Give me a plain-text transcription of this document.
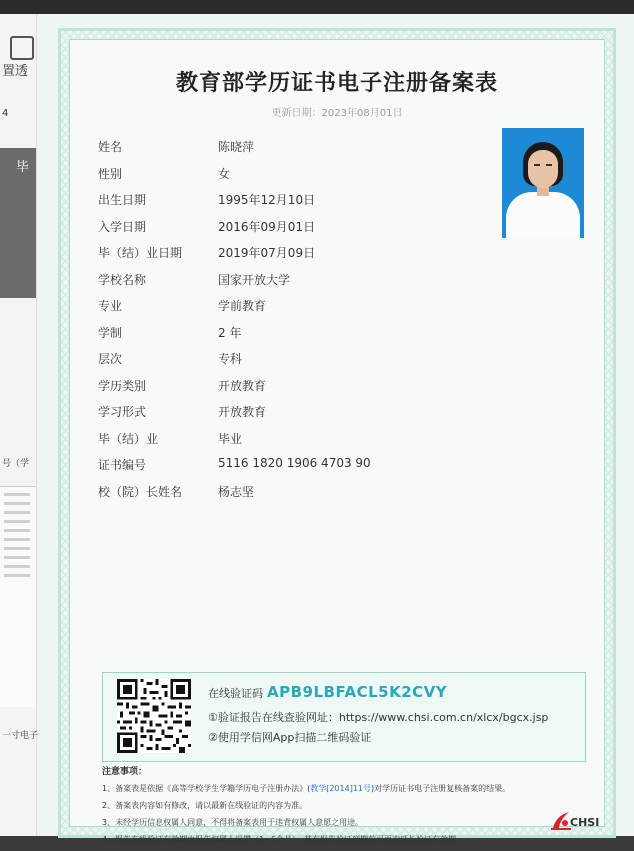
置透
4
毕
号（学
一寸电子
教育部学历证书电子注册备案表
更新日期：2023年08月01日
姓名	陈晓萍
性别	女
出生日期	1995年12月10日
入学日期	2016年09月01日
毕（结）业日期	2019年07月09日
学校名称	国家开放大学
专业	学前教育
学制	2 年
层次	专科
学历类别	开放教育
学习形式	开放教育
毕（结）业	毕业
证书编号	5116 1820 1906 4703 90
校（院）长姓名	杨志坚
在线验证码 APB9LBFACL5K2CVY
①验证报告在线查验网址：https://www.chsi.com.cn/xlcx/bgcx.jsp
②使用学信网App扫描二维码验证
注意事项：
1、备案表是依据《高等学校学生学籍学历电子注册办法》(教学[2014]11号)对学历证书电子注册复核备案的结果。
2、备案表内容如有修改，请以最新在线验证的内容为准。
3、未经学历信息权属人同意，不得将备案表用于违背权属人意愿之用途。
4、报告在线验证有效期由报告权属人设置（1~6个月），其在报告验证到期前可再次延长验证有效期。
CHSI
